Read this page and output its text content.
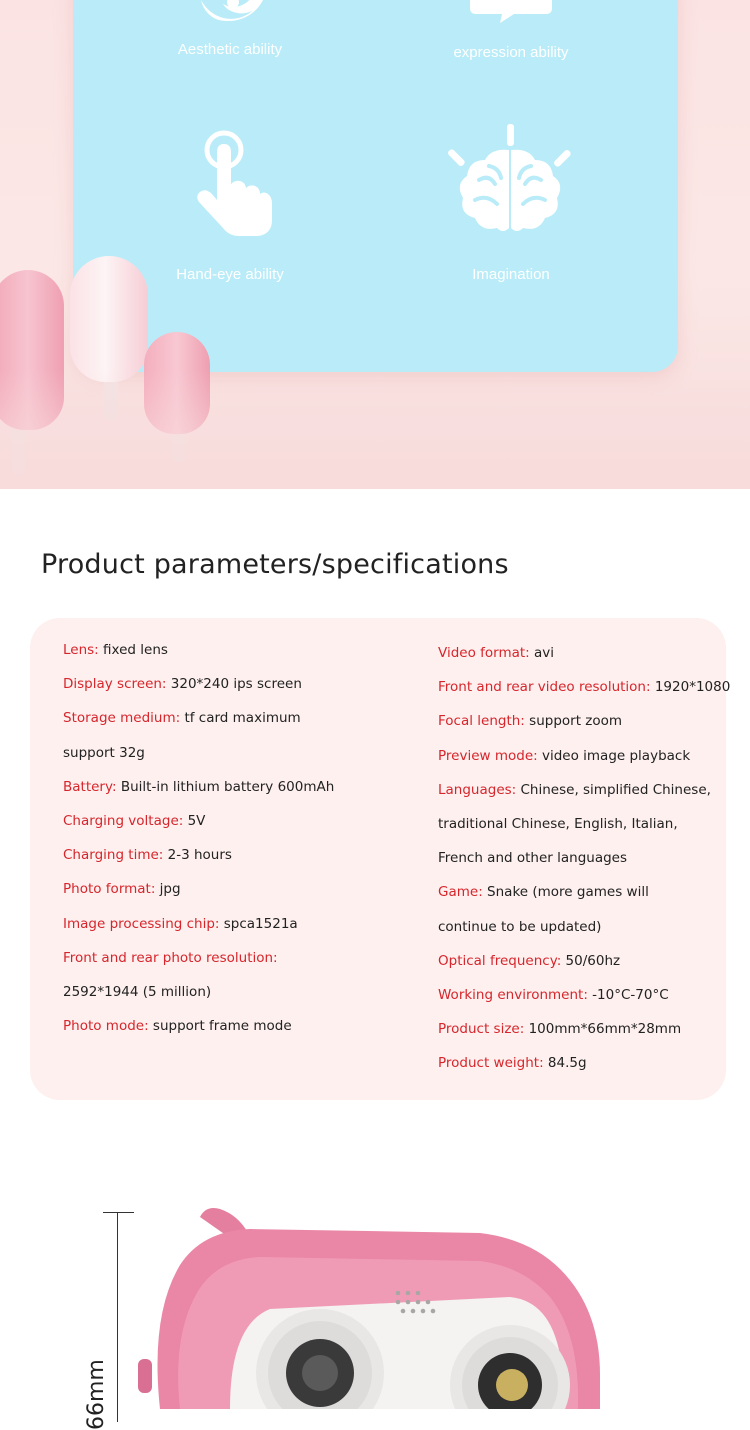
Aesthetic ability	expression ability
Hand-eye ability	Imagination
Product parameters/specifications
Lens: fixed lens
Display screen: 320*240 ips screen
Storage medium: tf card maximum
support 32g
Battery: Built-in lithium battery 600mAh
Charging voltage: 5V
Charging time: 2-3 hours
Photo format: jpg
Image processing chip: spca1521a
Front and rear photo resolution:
2592*1944 (5 million)
Photo mode: support frame mode
Video format: avi
Front and rear video resolution: 1920*1080
Focal length: support zoom
Preview mode: video image playback
Languages: Chinese, simplified Chinese,
traditional Chinese, English, Italian,
French and other languages
Game: Snake (more games will
continue to be updated)
Optical frequency: 50/60hz
Working environment: -10°C-70°C
Product size: 100mm*66mm*28mm
Product weight: 84.5g
66mm
